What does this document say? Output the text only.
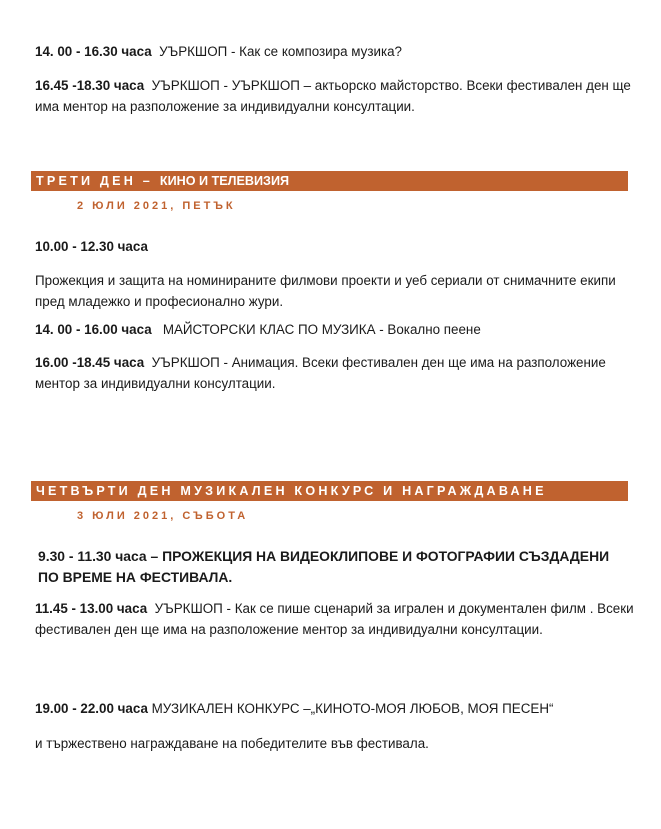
14. 00 - 16.30 часа УЪРКШОП - Как се композира музика?

16.45 -18.30 часа УЪРКШОП - УЪРКШОП – актьорско майсторство. Всеки фестивален ден ще има ментор на разположение за индивидуални консултации.

ТРЕТИ ДЕН – КИНО И ТЕЛЕВИЗИЯ
2 ЮЛИ 2021, ПЕТЪК

10.00 - 12.30 часа

Прожекция и защита на номинираните филмови проекти и уеб сериали от снимачните екипи пред младежко и професионално жури.

14. 00 - 16.00 часа МАЙСТОРСКИ КЛАС ПО МУЗИКА - Вокално пеене

16.00 -18.45 часа УЪРКШОП - Анимация. Всеки фестивален ден ще има на разположение ментор за индивидуални консултации.

ЧЕТВЪРТИ ДЕН МУЗИКАЛЕН КОНКУРС И НАГРАЖДАВАНЕ
3 ЮЛИ 2021, СЪБОТА

9.30 - 11.30 часа – ПРОЖЕКЦИЯ НА ВИДЕОКЛИПОВЕ И ФОТОГРАФИИ СЪЗДАДЕНИ ПО ВРЕМЕ НА ФЕСТИВАЛА.

11.45 - 13.00 часа УЪРКШОП - Как се пише сценарий за игрален и документален филм . Всеки фестивален ден ще има на разположение ментор за индивидуални консултации.

19.00 - 22.00 часа МУЗИКАЛЕН КОНКУРС –„КИНОТО-МОЯ ЛЮБОВ, МОЯ ПЕСЕН“

и тържествено награждаване на победителите във фестивала.
